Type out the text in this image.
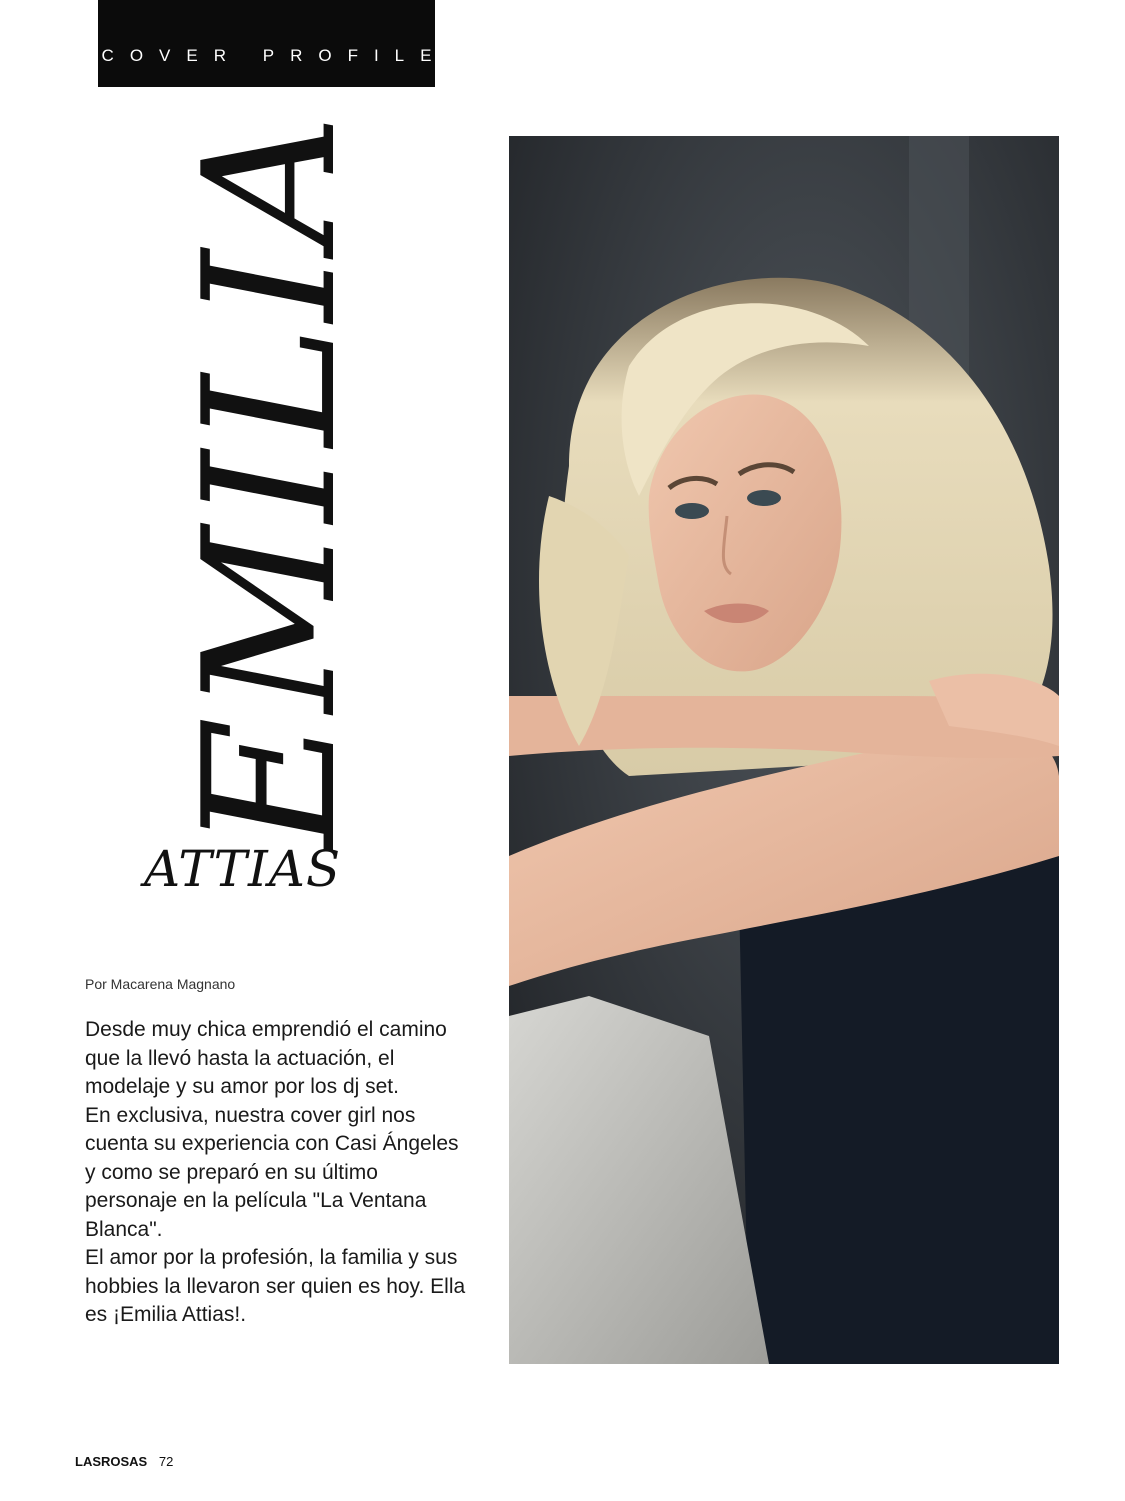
COVER PROFILE
EMILIA
ATTIAS
Por Macarena Magnano

Desde muy chica emprendió el camino que la llevó hasta la actuación, el modelaje y su amor por los dj set.

En exclusiva, nuestra cover girl nos cuenta su experiencia con Casi Ángeles y como se preparó en su último personaje en la película "La Ventana Blanca".

El amor por la profesión, la familia y sus hobbies la llevaron ser quien es hoy. Ella es ¡Emilia Attias!.

LASROSAS 72
